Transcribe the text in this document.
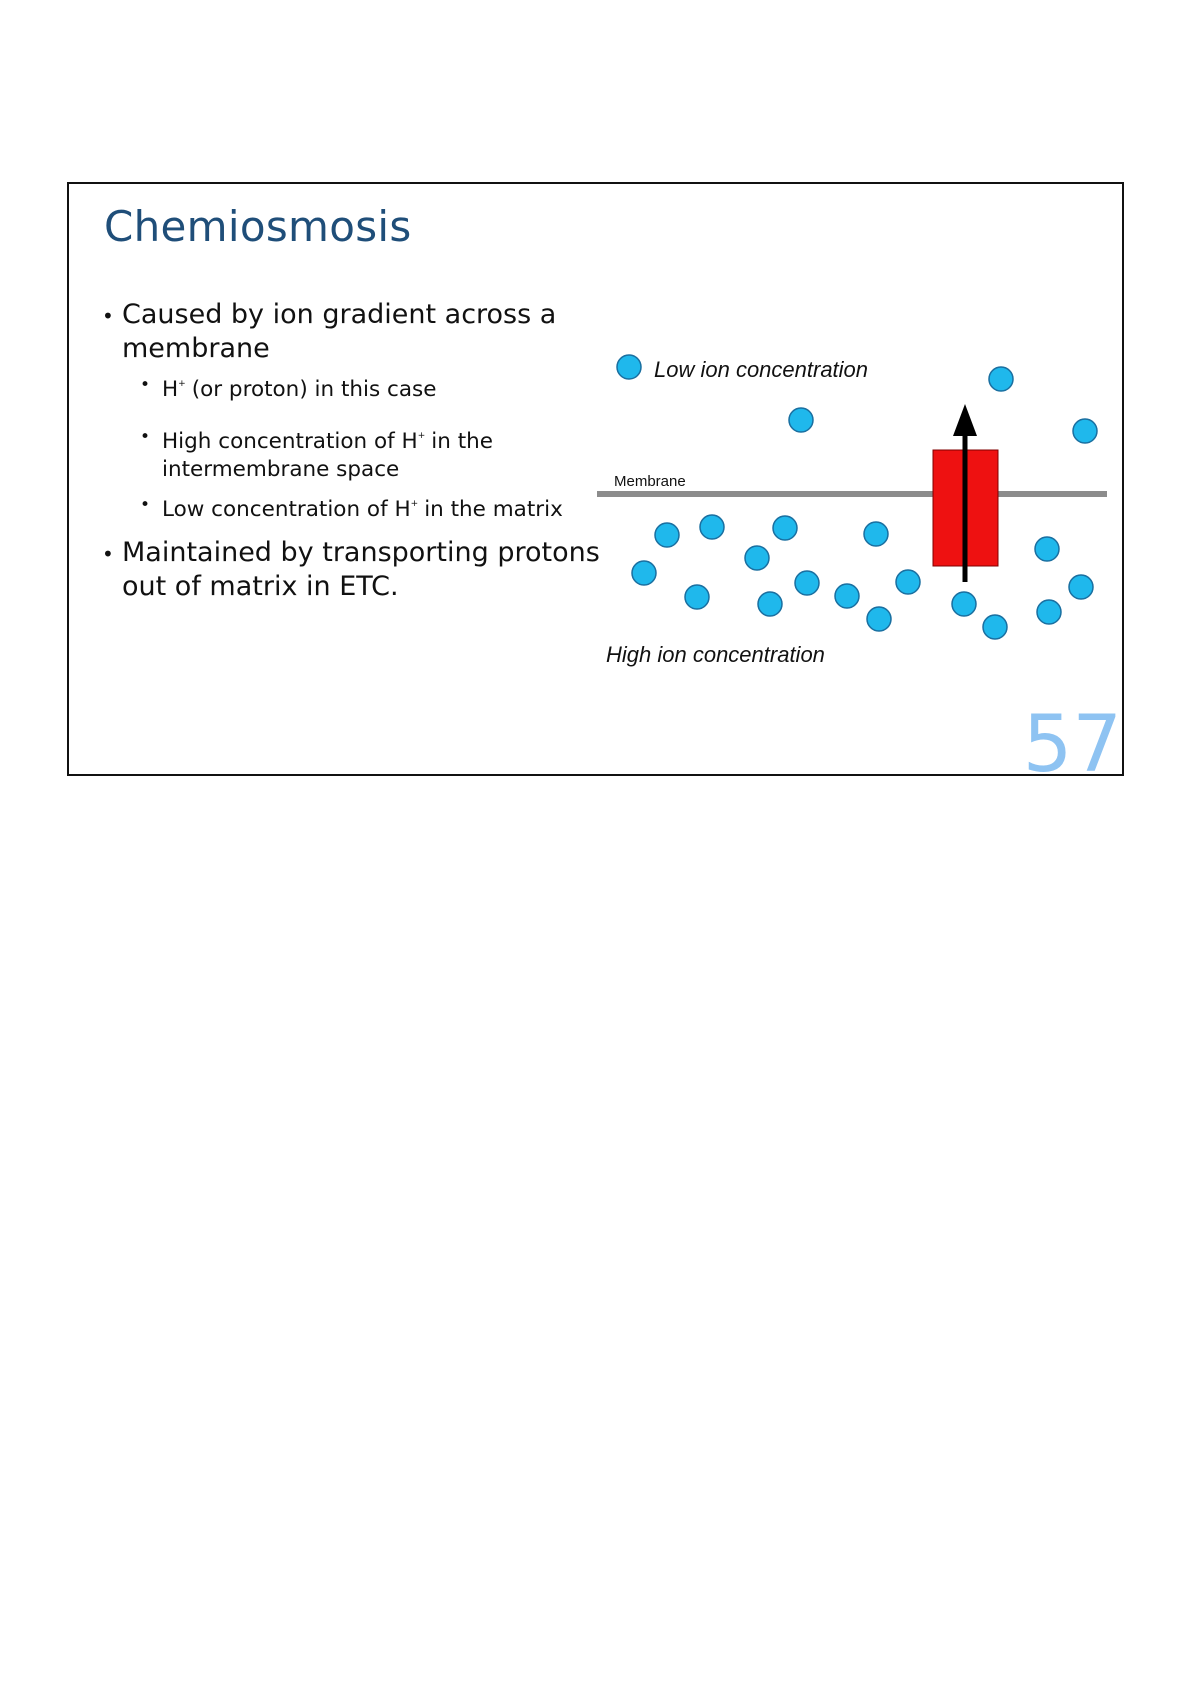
Chemiosmosis
• Caused by ion gradient across a membrane
• H+ (or proton) in this case
• High concentration of H+ in the intermembrane space
• Low concentration of H+ in the matrix
• Maintained by transporting protons out of matrix in ETC.
Membrane
Low ion concentration
High ion concentration

57
